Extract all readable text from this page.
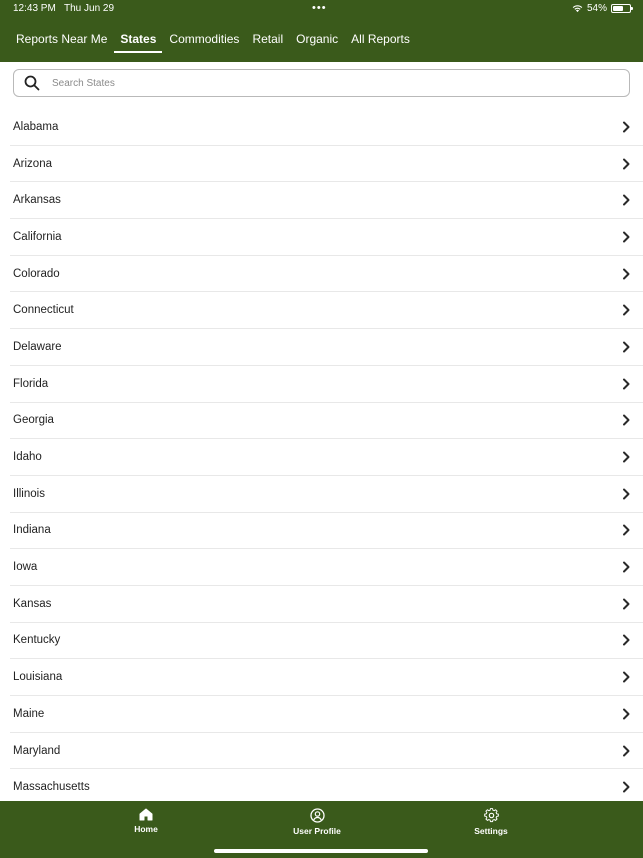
12:43 PM Thu Jun 29	•••	54%
Reports Near Me	States	Commodities Retail Organic All Reports
Search States
Alabama
Arizona
Arkansas
California
Colorado
Connecticut
Delaware
Florida
Georgia
Idaho
Illinois
Indiana
Iowa
Kansas
Kentucky
Louisiana
Maine
Maryland
Massachusetts
Home	User Profile	Settings
